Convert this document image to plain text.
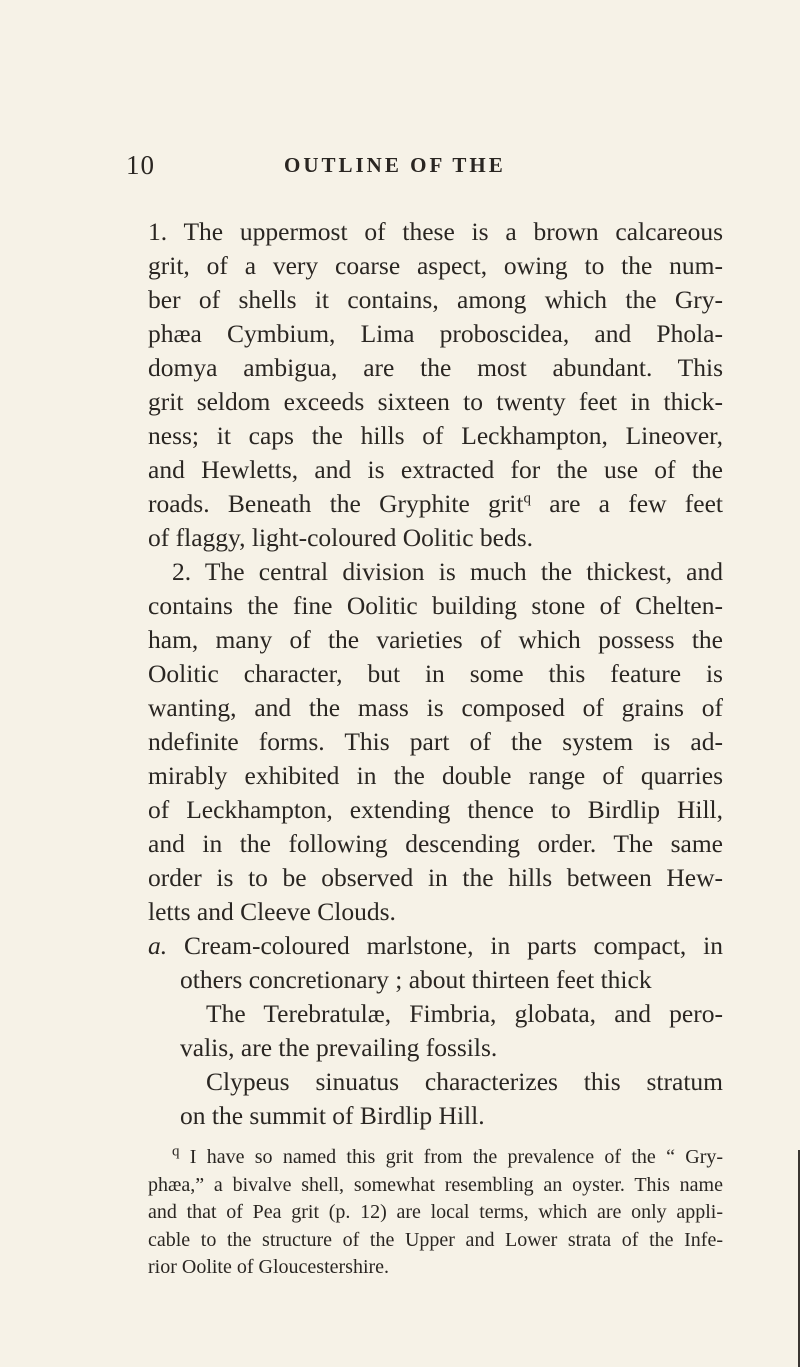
10	OUTLINE OF THE
1. The uppermost of these is a brown calcareous
grit, of a very coarse aspect, owing to the num-
ber of shells it contains, among which the Gry-
phæa Cymbium, Lima proboscidea, and Phola-
domya ambigua, are the most abundant. This
grit seldom exceeds sixteen to twenty feet in thick-
ness; it caps the hills of Leckhampton, Lineover,
and Hewletts, and is extracted for the use of the
roads. Beneath the Gryphite grit$^q$ are a few feet
of flaggy, light-coloured Oolitic beds.
2. The central division is much the thickest, and
contains the fine Oolitic building stone of Chelten-
ham, many of the varieties of which possess the
Oolitic character, but in some this feature is
wanting, and the mass is composed of grains of
ndefinite forms. This part of the system is ad-
mirably exhibited in the double range of quarries
of Leckhampton, extending thence to Birdlip Hill,
and in the following descending order. The same
order is to be observed in the hills between Hew-
letts and Cleeve Clouds.
a. Cream-coloured marlstone, in parts compact, in
others concretionary ; about thirteen feet thick
The Terebratulæ, Fimbria, globata, and pero-
valis, are the prevailing fossils.
Clypeus sinuatus characterizes this stratum
on the summit of Birdlip Hill.
$^q$ I have so named this grit from the prevalence of the “ Gry-
phæa,” a bivalve shell, somewhat resembling an oyster. This name
and that of Pea grit (p. 12) are local terms, which are only appli-
cable to the structure of the Upper and Lower strata of the Infe-
rior Oolite of Gloucestershire.
